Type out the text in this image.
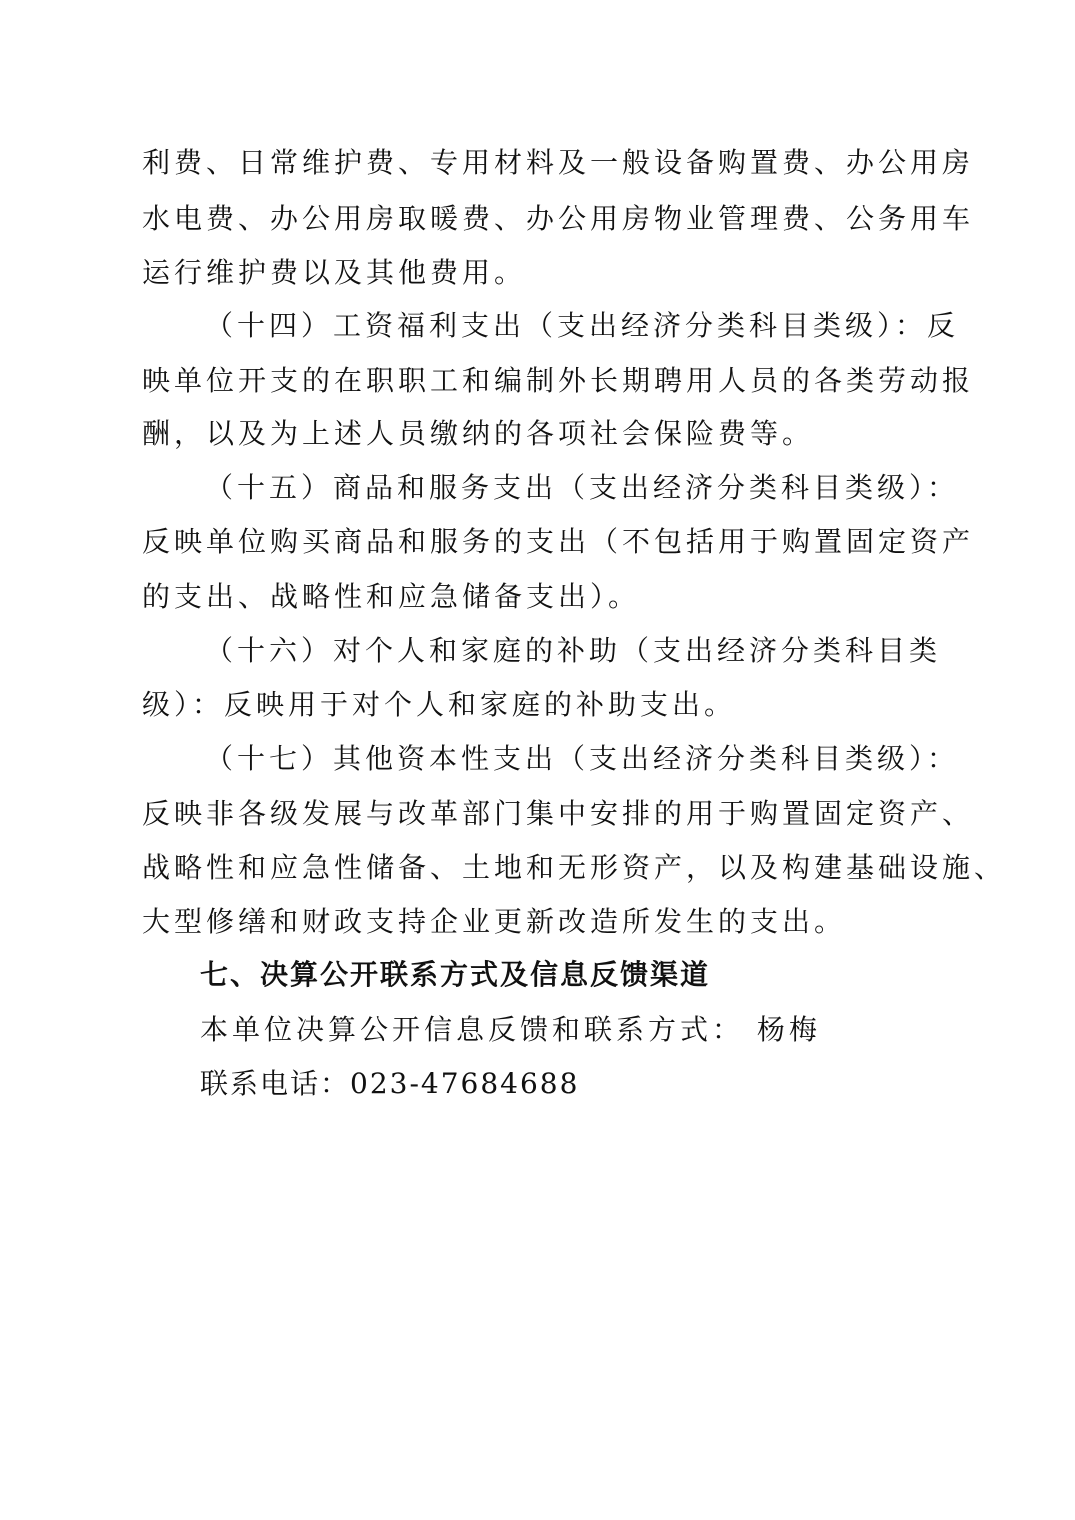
利费、日常维护费、专用材料及一般设备购置费、办公用房
水电费、办公用房取暖费、办公用房物业管理费、公务用车
运行维护费以及其他费用。
（十四）工资福利支出（支出经济分类科目类级）：反
映单位开支的在职职工和编制外长期聘用人员的各类劳动报
酬，以及为上述人员缴纳的各项社会保险费等。
（十五）商品和服务支出（支出经济分类科目类级）：
反映单位购买商品和服务的支出（不包括用于购置固定资产
的支出、战略性和应急储备支出）。
（十六）对个人和家庭的补助（支出经济分类科目类
级）：反映用于对个人和家庭的补助支出。
（十七）其他资本性支出（支出经济分类科目类级）：
反映非各级发展与改革部门集中安排的用于购置固定资产、
战略性和应急性储备、土地和无形资产，以及构建基础设施、
大型修缮和财政支持企业更新改造所发生的支出。
七、决算公开联系方式及信息反馈渠道
本单位决算公开信息反馈和联系方式： 杨梅
联系电话：023-47684688
